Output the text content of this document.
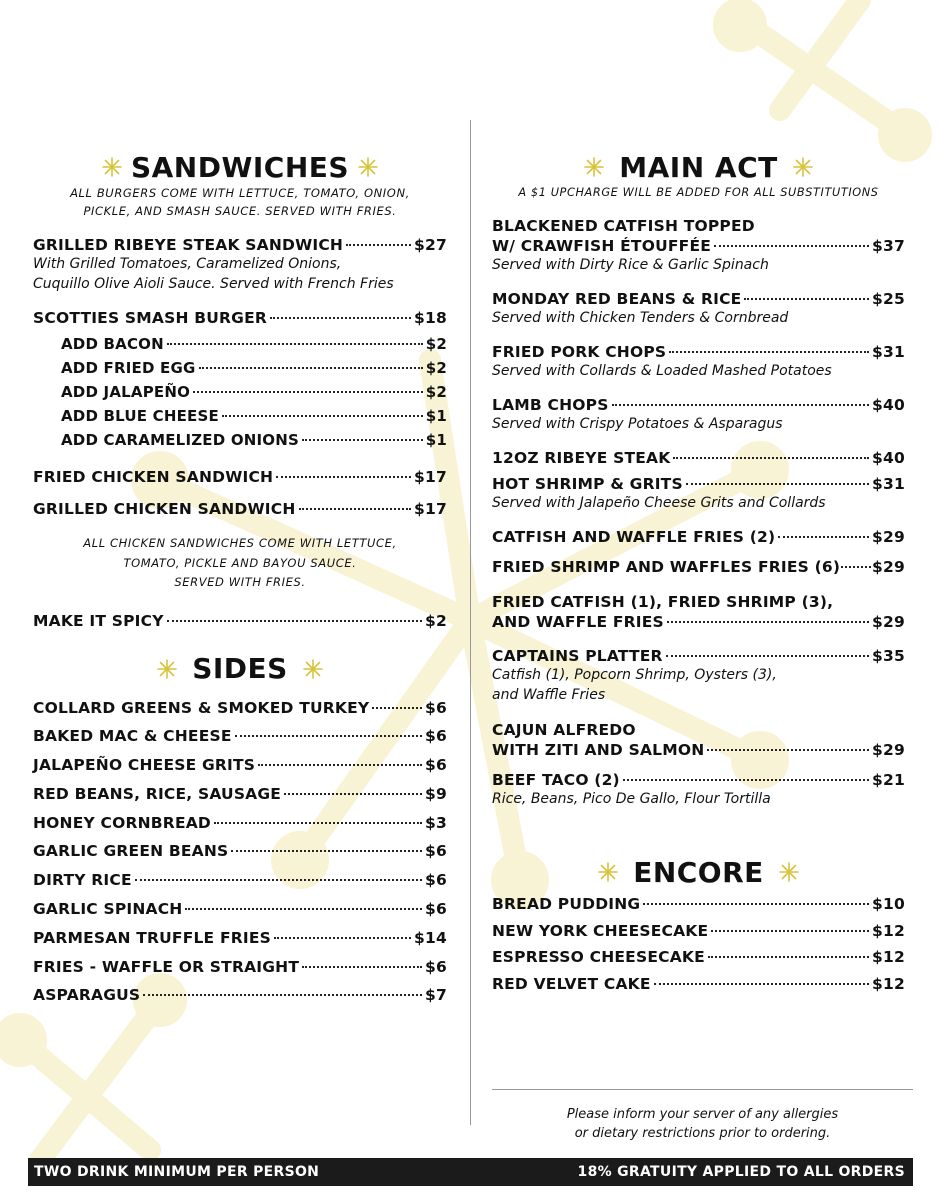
SANDWICHES
ALL BURGERS COME WITH LETTUCE, TOMATO, ONION,
PICKLE, AND SMASH SAUCE. SERVED WITH FRIES.
GRILLED RIBEYE STEAK SANDWICH	$27
With Grilled Tomatoes, Caramelized Onions,
Cuquillo Olive Aioli Sauce. Served with French Fries
SCOTTIES SMASH BURGER	$18
ADD BACON	$2
ADD FRIED EGG	$2
ADD JALAPEÑO	$2
ADD BLUE CHEESE	$1
ADD CARAMELIZED ONIONS	$1
FRIED CHICKEN SANDWICH	$17
GRILLED CHICKEN SANDWICH	$17
ALL CHICKEN SANDWICHES COME WITH LETTUCE,
TOMATO, PICKLE AND BAYOU SAUCE.
SERVED WITH FRIES.
MAKE IT SPICY	$2
SIDES
COLLARD GREENS & SMOKED TURKEY	$6
BAKED MAC & CHEESE	$6
JALAPEÑO CHEESE GRITS	$6
RED BEANS, RICE, SAUSAGE	$9
HONEY CORNBREAD	$3
GARLIC GREEN BEANS	$6
DIRTY RICE	$6
GARLIC SPINACH	$6
PARMESAN TRUFFLE FRIES	$14
FRIES - WAFFLE OR STRAIGHT	$6
ASPARAGUS	$7
MAIN ACT
A $1 UPCHARGE WILL BE ADDED FOR ALL SUBSTITUTIONS
BLACKENED CATFISH TOPPED
W/ CRAWFISH ÉTOUFFÉE	$37
Served with Dirty Rice & Garlic Spinach
MONDAY RED BEANS & RICE	$25
Served with Chicken Tenders & Cornbread
FRIED PORK CHOPS	$31
Served with Collards & Loaded Mashed Potatoes
LAMB CHOPS	$40
Served with Crispy Potatoes & Asparagus
12OZ RIBEYE STEAK	$40
HOT SHRIMP & GRITS	$31
Served with Jalapeño Cheese Grits and Collards
CATFISH AND WAFFLE FRIES (2)	$29
FRIED SHRIMP AND WAFFLES FRIES (6) $29
FRIED CATFISH (1), FRIED SHRIMP (3),
AND WAFFLE FRIES	$29
CAPTAINS PLATTER	$35
Catfish (1), Popcorn Shrimp, Oysters (3),
and Waffle Fries
CAJUN ALFREDO
WITH ZITI AND SALMON	$29
BEEF TACO (2)	$21
Rice, Beans, Pico De Gallo, Flour Tortilla
ENCORE
BREAD PUDDING	$10
NEW YORK CHEESECAKE	$12
ESPRESSO CHEESECAKE	$12
RED VELVET CAKE	$12
Please inform your server of any allergies
or dietary restrictions prior to ordering.
TWO DRINK MINIMUM PER PERSON	18% GRATUITY APPLIED TO ALL ORDERS
